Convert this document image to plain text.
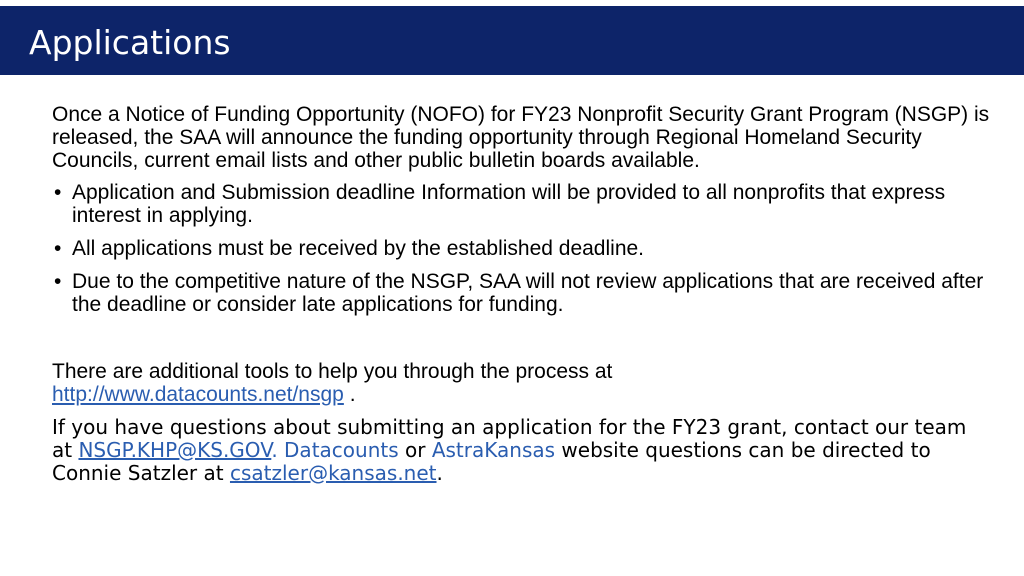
Applications

Once a Notice of Funding Opportunity (NOFO) for FY23 Nonprofit Security Grant Program (NSGP) is released, the SAA will announce the funding opportunity through Regional Homeland Security Councils, current email lists and other public bulletin boards available.

• Application and Submission deadline Information will be provided to all nonprofits that express interest in applying.
• All applications must be received by the established deadline.
• Due to the competitive nature of the NSGP, SAA will not review applications that are received after the deadline or consider late applications for funding.

There are additional tools to help you through the process at
http://www.datacounts.net/nsgp .

If you have questions about submitting an application for the FY23 grant, contact our team at NSGP.KHP@KS.GOV. Datacounts or AstraKansas website questions can be directed to Connie Satzler at csatzler@kansas.net.
